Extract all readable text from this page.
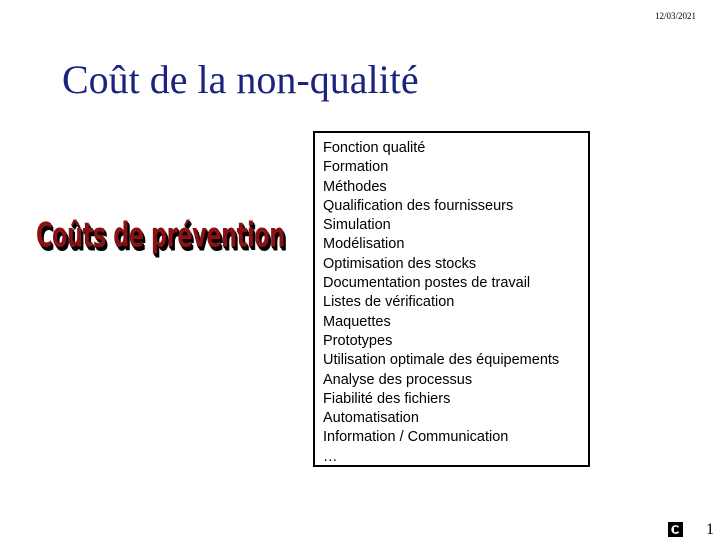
12/03/2021
Coût de la non-qualité
Coûts de prévention
Fonction qualité
Formation
Méthodes
Qualification des fournisseurs
Simulation
Modélisation
Optimisation des stocks
Documentation postes de travail
Listes de vérification
Maquettes
Prototypes
Utilisation optimale des équipements
Analyse des processus
Fiabilité des fichiers
Automatisation
Information / Communication
…
1
